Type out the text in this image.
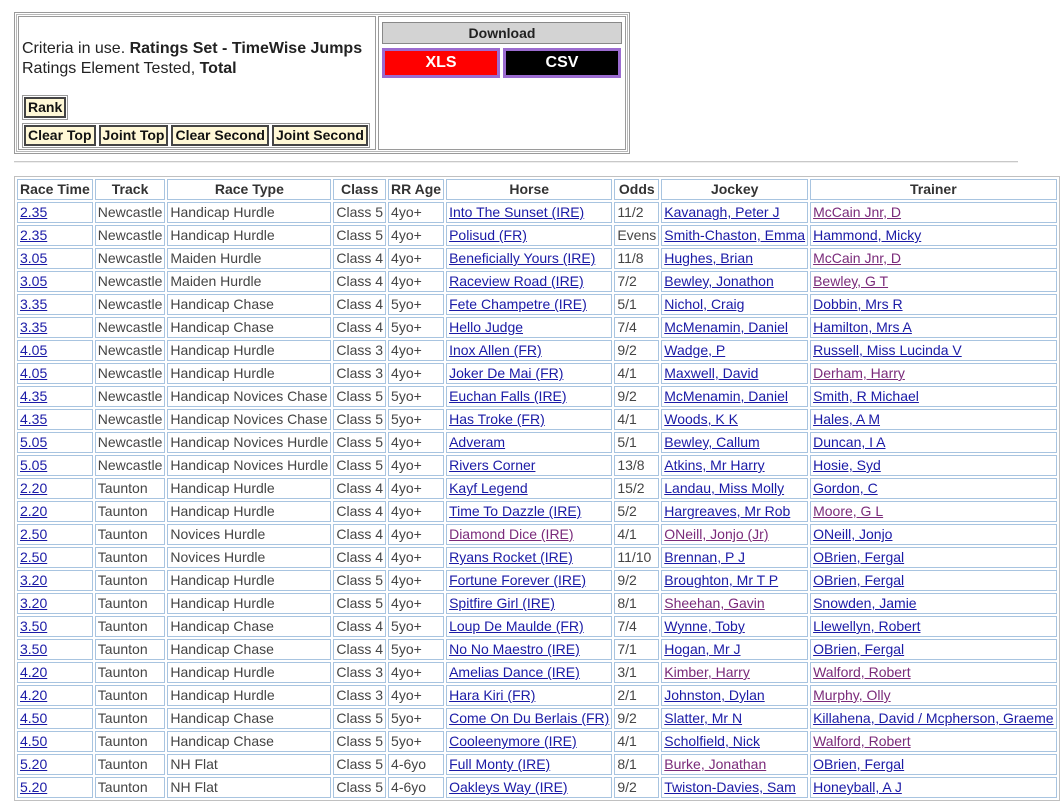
Criteria in use. Ratings Set - TimeWise Jumps
Ratings Element Tested, Total
Rank
Clear Top Joint Top Clear Second Joint Second
Download
XLS	CSV
Race Time	Track	Race Type	Class	RR Age	Horse	Odds	Jockey	Trainer
2.35	Newcastle	Handicap Hurdle	Class 5	4yo+	Into The Sunset (IRE)	11/2	Kavanagh, Peter J	McCain Jnr, D
2.35	Newcastle	Handicap Hurdle	Class 5	4yo+	Polisud (FR)	Evens	Smith-Chaston, Emma	Hammond, Micky
3.05	Newcastle	Maiden Hurdle	Class 4	4yo+	Beneficially Yours (IRE)	11/8	Hughes, Brian	McCain Jnr, D
3.05	Newcastle	Maiden Hurdle	Class 4	4yo+	Raceview Road (IRE)	7/2	Bewley, Jonathon	Bewley, G T
3.35	Newcastle	Handicap Chase	Class 4	5yo+	Fete Champetre (IRE)	5/1	Nichol, Craig	Dobbin, Mrs R
3.35	Newcastle	Handicap Chase	Class 4	5yo+	Hello Judge	7/4	McMenamin, Daniel	Hamilton, Mrs A
4.05	Newcastle	Handicap Hurdle	Class 3	4yo+	Inox Allen (FR)	9/2	Wadge, P	Russell, Miss Lucinda V
4.05	Newcastle	Handicap Hurdle	Class 3	4yo+	Joker De Mai (FR)	4/1	Maxwell, David	Derham, Harry
4.35	Newcastle	Handicap Novices Chase	Class 5	5yo+	Euchan Falls (IRE)	9/2	McMenamin, Daniel	Smith, R Michael
4.35	Newcastle	Handicap Novices Chase	Class 5	5yo+	Has Troke (FR)	4/1	Woods, K K	Hales, A M
5.05	Newcastle	Handicap Novices Hurdle	Class 5	4yo+	Adveram	5/1	Bewley, Callum	Duncan, I A
5.05	Newcastle	Handicap Novices Hurdle	Class 5	4yo+	Rivers Corner	13/8	Atkins, Mr Harry	Hosie, Syd
2.20	Taunton	Handicap Hurdle	Class 4	4yo+	Kayf Legend	15/2	Landau, Miss Molly	Gordon, C
2.20	Taunton	Handicap Hurdle	Class 4	4yo+	Time To Dazzle (IRE)	5/2	Hargreaves, Mr Rob	Moore, G L
2.50	Taunton	Novices Hurdle	Class 4	4yo+	Diamond Dice (IRE)	4/1	ONeill, Jonjo (Jr)	ONeill, Jonjo
2.50	Taunton	Novices Hurdle	Class 4	4yo+	Ryans Rocket (IRE)	11/10	Brennan, P J	OBrien, Fergal
3.20	Taunton	Handicap Hurdle	Class 5	4yo+	Fortune Forever (IRE)	9/2	Broughton, Mr T P	OBrien, Fergal
3.20	Taunton	Handicap Hurdle	Class 5	4yo+	Spitfire Girl (IRE)	8/1	Sheehan, Gavin	Snowden, Jamie
3.50	Taunton	Handicap Chase	Class 4	5yo+	Loup De Maulde (FR)	7/4	Wynne, Toby	Llewellyn, Robert
3.50	Taunton	Handicap Chase	Class 4	5yo+	No No Maestro (IRE)	7/1	Hogan, Mr J	OBrien, Fergal
4.20	Taunton	Handicap Hurdle	Class 3	4yo+	Amelias Dance (IRE)	3/1	Kimber, Harry	Walford, Robert
4.20	Taunton	Handicap Hurdle	Class 3	4yo+	Hara Kiri (FR)	2/1	Johnston, Dylan	Murphy, Olly
4.50	Taunton	Handicap Chase	Class 5	5yo+	Come On Du Berlais (FR)	9/2	Slatter, Mr N	Killahena, David / Mcpherson, Graeme
4.50	Taunton	Handicap Chase	Class 5	5yo+	Cooleenymore (IRE)	4/1	Scholfield, Nick	Walford, Robert
5.20	Taunton	NH Flat	Class 5	4-6yo	Full Monty (IRE)	8/1	Burke, Jonathan	OBrien, Fergal
5.20	Taunton	NH Flat	Class 5	4-6yo	Oakleys Way (IRE)	9/2	Twiston-Davies, Sam	Honeyball, A J
